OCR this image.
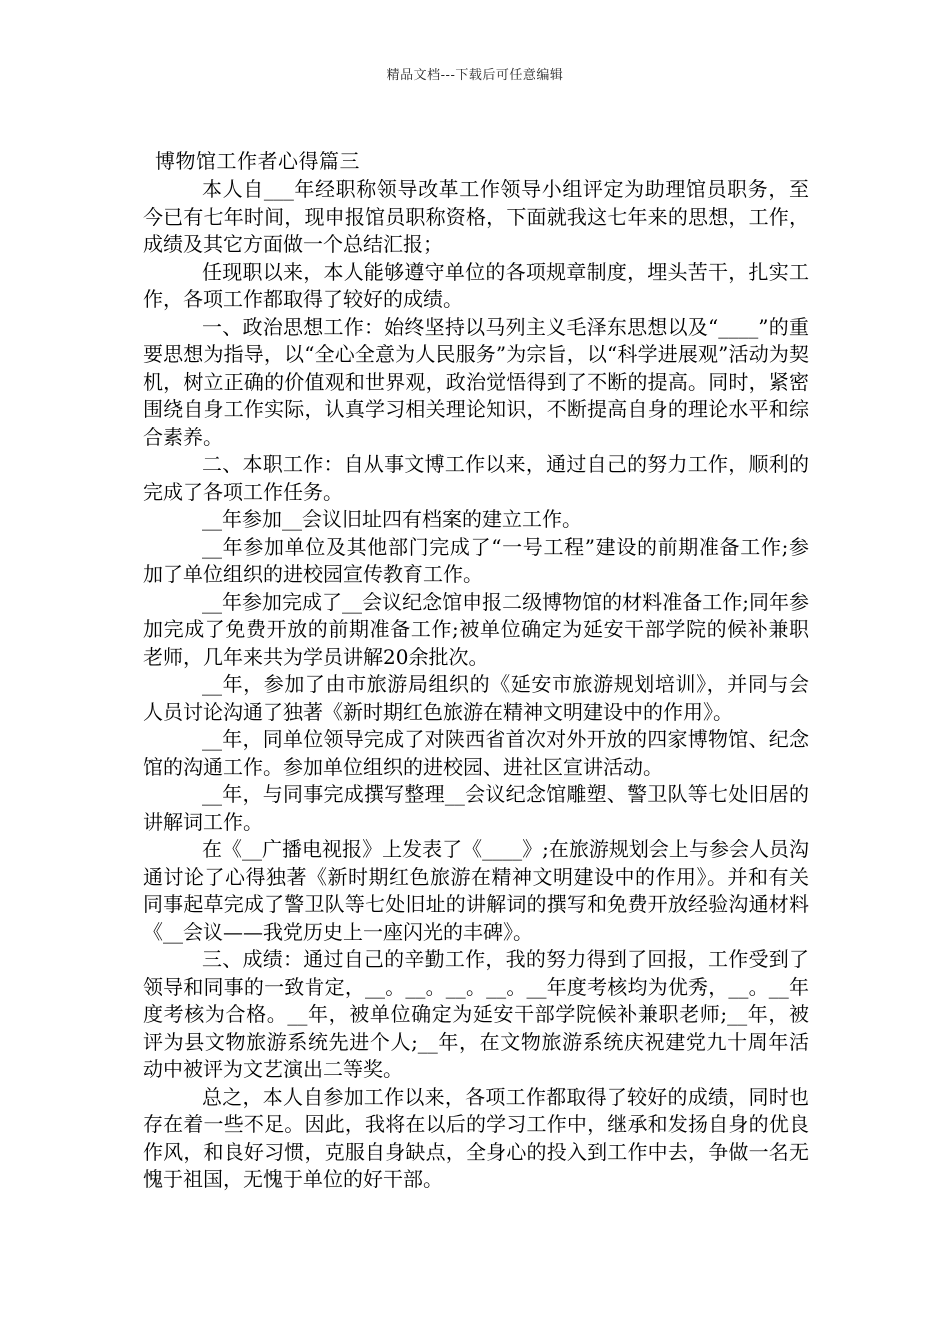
精品文档---下载后可任意编辑
博物馆工作者心得篇三

本人自___年经职称领导改革工作领导小组评定为助理馆员职务，至今已有七年时间，现申报馆员职称资格，下面就我这七年来的思想，工作，成绩及其它方面做一个总结汇报；

任现职以来，本人能够遵守单位的各项规章制度，埋头苦干，扎实工作，各项工作都取得了较好的成绩。

一、政治思想工作：始终坚持以马列主义毛泽东思想以及“____”的重要思想为指导，以“全心全意为人民服务”为宗旨，以“科学进展观”活动为契机，树立正确的价值观和世界观，政治觉悟得到了不断的提高。同时，紧密围绕自身工作实际，认真学习相关理论知识，不断提高自身的理论水平和综合素养。

二、本职工作：自从事文博工作以来，通过自己的努力工作，顺利的完成了各项工作任务。

__年参加__会议旧址四有档案的建立工作。

__年参加单位及其他部门完成了“一号工程”建设的前期准备工作;参加了单位组织的进校园宣传教育工作。

__年参加完成了__会议纪念馆申报二级博物馆的材料准备工作;同年参加完成了免费开放的前期准备工作;被单位确定为延安干部学院的候补兼职老师，几年来共为学员讲解20余批次。

__年，参加了由市旅游局组织的《延安市旅游规划培训》，并同与会人员讨论沟通了独著《新时期红色旅游在精神文明建设中的作用》。

__年，同单位领导完成了对陕西省首次对外开放的四家博物馆、纪念馆的沟通工作。参加单位组织的进校园、进社区宣讲活动。

__年，与同事完成撰写整理__会议纪念馆雕塑、警卫队等七处旧居的讲解词工作。

在《__广播电视报》上发表了《____》;在旅游规划会上与参会人员沟通讨论了心得独著《新时期红色旅游在精神文明建设中的作用》。并和有关同事起草完成了警卫队等七处旧址的讲解词的撰写和免费开放经验沟通材料《__会议——我党历史上一座闪光的丰碑》。

三、成绩：通过自己的辛勤工作，我的努力得到了回报，工作受到了领导和同事的一致肯定，__。__。__。__。__年度考核均为优秀，__。__年度考核为合格。__年，被单位确定为延安干部学院候补兼职老师;__年，被评为县文物旅游系统先进个人;__年，在文物旅游系统庆祝建党九十周年活动中被评为文艺演出二等奖。

总之，本人自参加工作以来，各项工作都取得了较好的成绩，同时也存在着一些不足。因此，我将在以后的学习工作中，继承和发扬自身的优良作风，和良好习惯，克服自身缺点，全身心的投入到工作中去，争做一名无愧于祖国，无愧于单位的好干部。
